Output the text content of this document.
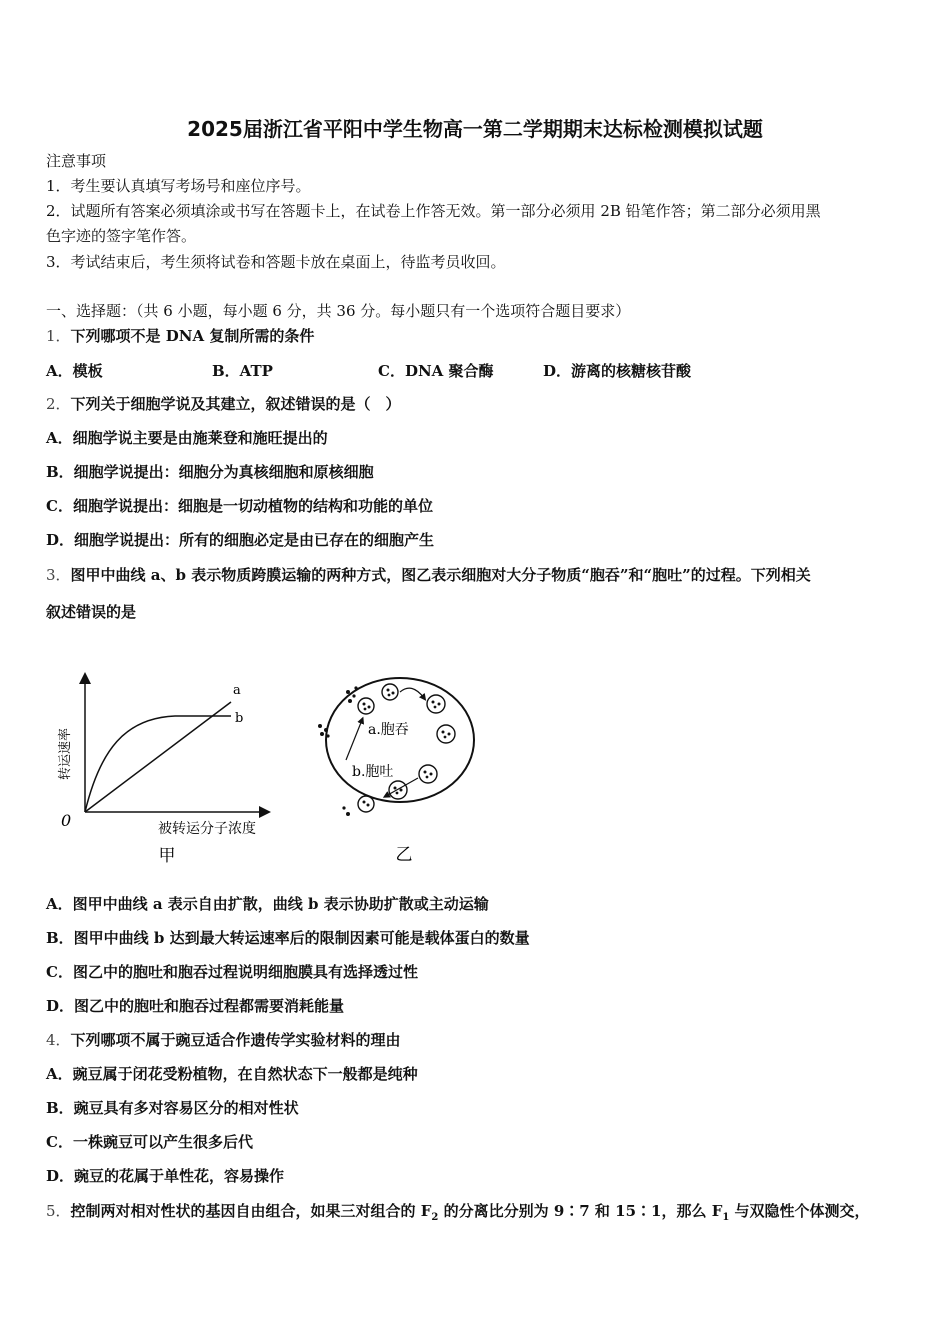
2025届浙江省平阳中学生物高一第二学期期末达标检测模拟试题
注意事项
1．考生要认真填写考场号和座位序号。
2．试题所有答案必须填涂或书写在答题卡上，在试卷上作答无效。第一部分必须用 2B 铅笔作答；第二部分必须用黑
色字迹的签字笔作答。
3．考试结束后，考生须将试卷和答题卡放在桌面上，待监考员收回。
一、选择题：（共 6 小题，每小题 6 分，共 36 分。每小题只有一个选项符合题目要求）
1．下列哪项不是 DNA 复制所需的条件
A．模板	B．ATP	C．DNA 聚合酶	D．游离的核糖核苷酸
2．下列关于细胞学说及其建立，叙述错误的是（　）
A．细胞学说主要是由施莱登和施旺提出的
B．细胞学说提出：细胞分为真核细胞和原核细胞
C．细胞学说提出：细胞是一切动植物的结构和功能的单位
D．细胞学说提出：所有的细胞必定是由已存在的细胞产生
3．图甲中曲线 a、b 表示物质跨膜运输的两种方式，图乙表示细胞对大分子物质“胞吞”和“胞吐”的过程。下列相关
叙述错误的是
a
b
0
转运速率
被转运分子浓度
甲
a.胞吞
b.胞吐
乙
A．图甲中曲线 a 表示自由扩散，曲线 b 表示协助扩散或主动运输
B．图甲中曲线 b 达到最大转运速率后的限制因素可能是载体蛋白的数量
C．图乙中的胞吐和胞吞过程说明细胞膜具有选择透过性
D．图乙中的胞吐和胞吞过程都需要消耗能量
4．下列哪项不属于豌豆适合作遗传学实验材料的理由
A．豌豆属于闭花受粉植物，在自然状态下一般都是纯种
B．豌豆具有多对容易区分的相对性状
C．一株豌豆可以产生很多后代
D．豌豆的花属于单性花，容易操作
5．控制两对相对性状的基因自由组合，如果三对组合的 $F_2$ 的分离比分别为 9∶7 和 15∶1，那么 $F_1$ 与双隐性个体测交，
